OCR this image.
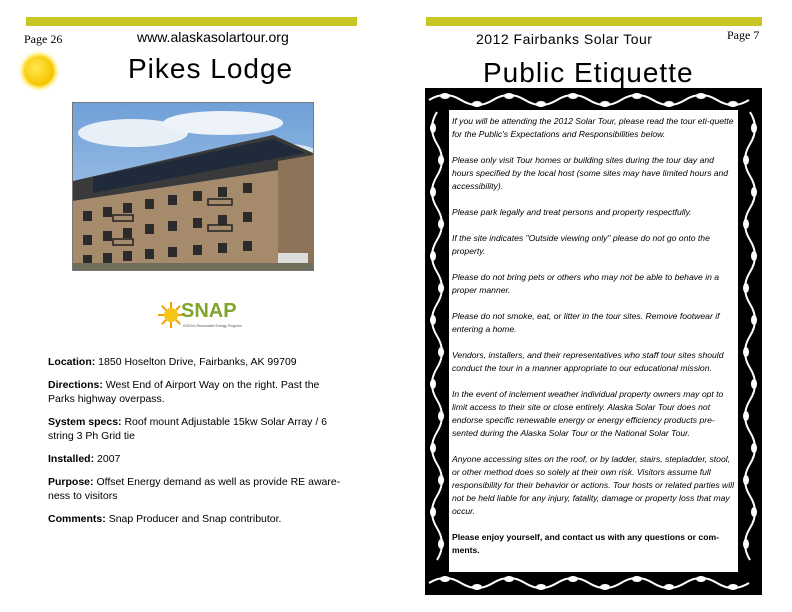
Page 26	www.alaskasolartour.org
Pikes Lodge
SNAP
GVEA's Renewable Energy Program

Location: 1850 Hoselton Drive, Fairbanks, AK 99709

Directions: West End of Airport Way on the right. Past the Parks highway overpass.

System specs: Roof mount Adjustable 15kw Solar Array / 6 string 3 Ph Grid tie

Installed: 2007

Purpose: Offset Energy demand as well as provide RE aware-ness to visitors

Comments: Snap Producer and Snap contributor.

2012 Fairbanks Solar Tour	Page 7
Public Etiquette

If you will be attending the 2012 Solar Tour, please read the tour eti-quette for the Public's Expectations and Responsibilities below.

Please only visit Tour homes or building sites during the tour day and hours specified by the local host (some sites may have limited hours and accessibility).

Please park legally and treat persons and property respectfully.

If the site indicates "Outside viewing only" please do not go onto the property.

Please do not bring pets or others who may not be able to behave in a proper manner.

Please do not smoke, eat, or litter in the tour sites. Remove footwear if entering a home.

Vendors, installers, and their representatives who staff tour sites should conduct the tour in a manner appropriate to our educational mission.

In the event of inclement weather individual property owners may opt to limit access to their site or close entirely. Alaska Solar Tour does not endorse specific renewable energy or energy efficiency products pre-sented during the Alaska Solar Tour or the National Solar Tour.

Anyone accessing sites on the roof, or by ladder, stairs, stepladder, stool, or other method does so solely at their own risk. Visitors assume full responsibility for their behavior or actions. Tour hosts or related parties will not be held liable for any injury, fatality, damage or property loss that may occur.

Please enjoy yourself, and contact us with any questions or com-ments.
